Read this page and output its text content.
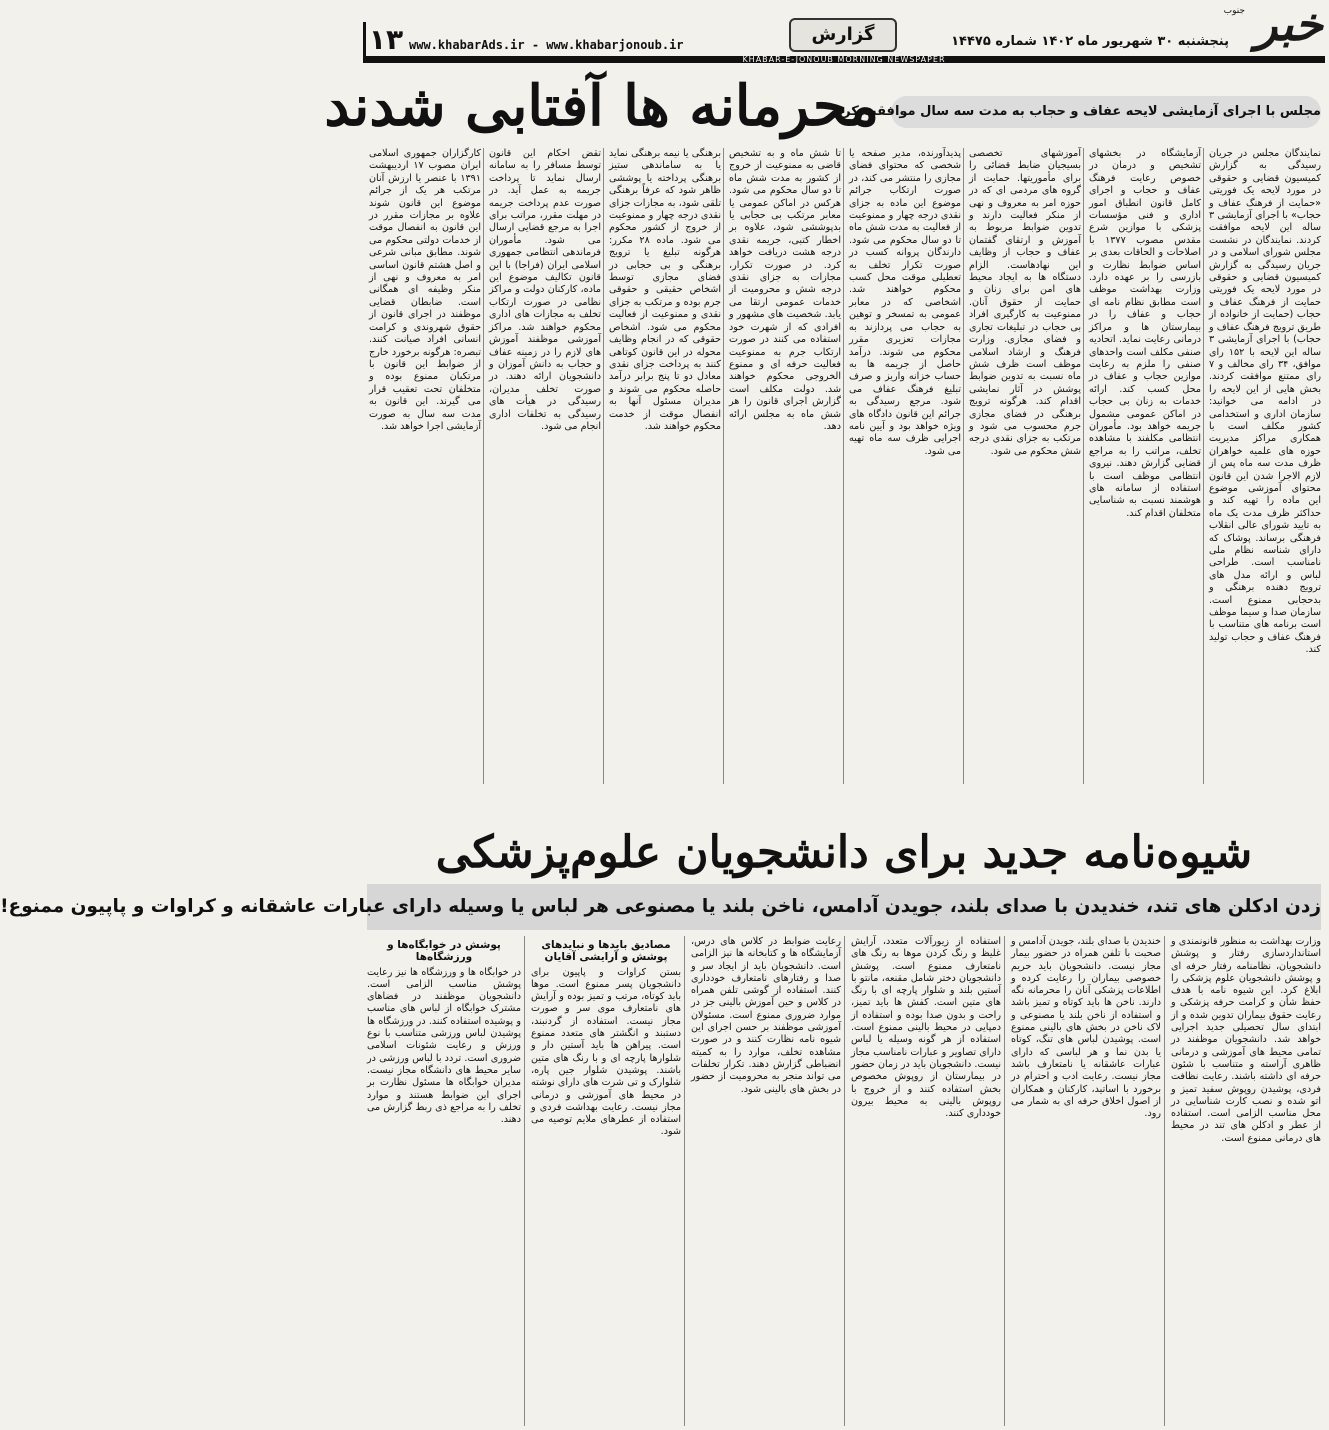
خبر
جنوب
پنجشنبه ۳۰ شهریور ماه ۱۴۰۲ شماره ۱۴۴۷۵
گزارش
۱۳ www.khabarAds.ir - www.khabarjonoub.ir
KHABAR-E-JONOUB MORNING NEWSPAPER
محرمانه ها آفتابی شدند
مجلس با اجرای آزمایشی لایحه عفاف و حجاب به مدت سه سال موافقت کرد
نمایندگان مجلس در جریان رسیدگی به گزارش کمیسیون قضایی و حقوقی در مورد لایحه یک فوریتی «حمایت از فرهنگ عفاف و حجاب» با اجرای آزمایشی ۳ ساله این لایحه موافقت کردند. نمایندگان در نشست مجلس شورای اسلامی و در جریان رسیدگی به گزارش کمیسیون قضایی و حقوقی در مورد لایحه یک فوریتی حمایت از فرهنگ عفاف و حجاب (حمایت از خانواده از طریق ترویج فرهنگ عفاف و حجاب) با اجرای آزمایشی ۳ ساله این لایحه با ۱۵۲ رای موافق، ۳۴ رای مخالف و ۷ رای ممتنع موافقت کردند. بخش هایی از این لایحه را در ادامه می خوانید: سازمان اداری و استخدامی کشور مکلف است با همکاری مراکز مدیریت حوزه های علمیه خواهران ظرف مدت سه ماه پس از لازم الاجرا شدن این قانون محتوای آموزشی موضوع این ماده را تهیه کند و حداکثر ظرف مدت یک ماه به تایید شورای عالی انقلاب فرهنگی برساند. پوشاک که دارای شناسه نظام ملی نامناسب است. طراحی لباس و ارائه مدل های ترویج دهنده برهنگی و بدحجابی ممنوع است. سازمان صدا و سیما موظف است برنامه های متناسب با فرهنگ عفاف و حجاب تولید کند.
آزمایشگاه در بخشهای تشخیص و درمان در خصوص رعایت فرهنگ عفاف و حجاب و اجرای کامل قانون انطباق امور اداری و فنی مؤسسات پزشکی با موازین شرع مقدس مصوب ۱۳۷۷ با اصلاحات و الحاقات بعدی بر اساس ضوابط نظارت و بازرسی را بر عهده دارد. وزارت بهداشت موظف است مطابق نظام نامه ای حجاب و عفاف را در بیمارستان ها و مراکز درمانی رعایت نماید. اتحادیه صنفی مکلف است واحدهای صنفی را ملزم به رعایت موازین حجاب و عفاف در محل کسب کند. ارائه خدمات به زنان بی حجاب در اماکن عمومی مشمول جریمه خواهد بود. مأموران انتظامی مکلفند با مشاهده تخلف، مراتب را به مراجع قضایی گزارش دهند. نیروی انتظامی موظف است با استفاده از سامانه های هوشمند نسبت به شناسایی متخلفان اقدام کند.
آموزشهای تخصصی بسیجیان ضابط قضائی را برای مأموریتها. حمایت از گروه های مردمی ای که در حوزه امر به معروف و نهی از منکر فعالیت دارند و تدوین ضوابط مربوط به آموزش و ارتقای گفتمان عفاف و حجاب از وظایف این نهادهاست. الزام دستگاه ها به ایجاد محیط های امن برای زنان و حمایت از حقوق آنان. ممنوعیت به کارگیری افراد بی حجاب در تبلیغات تجاری و فضای مجازی. وزارت فرهنگ و ارشاد اسلامی موظف است ظرف شش ماه نسبت به تدوین ضوابط پوشش در آثار نمایشی اقدام کند. هرگونه ترویج برهنگی در فضای مجازی جرم محسوب می شود و مرتکب به جزای نقدی درجه شش محکوم می شود.
پدیدآورنده، مدیر صفحه یا شخصی که محتوای فضای مجازی را منتشر می کند، در صورت ارتکاب جرائم موضوع این ماده به جزای نقدی درجه چهار و ممنوعیت از فعالیت به مدت شش ماه تا دو سال محکوم می شود. دارندگان پروانه کسب در صورت تکرار تخلف به تعطیلی موقت محل کسب محکوم خواهند شد. اشخاصی که در معابر عمومی به تمسخر و توهین به حجاب می پردازند به مجازات تعزیری مقرر محکوم می شوند. درآمد حاصل از جریمه ها به حساب خزانه واریز و صرف تبلیغ فرهنگ عفاف می شود. مرجع رسیدگی به جرائم این قانون دادگاه های ویژه خواهد بود و آیین نامه اجرایی ظرف سه ماه تهیه می شود.
تا شش ماه و به تشخیص قاضی به ممنوعیت از خروج از کشور به مدت شش ماه تا دو سال محکوم می شود. هرکس در اماکن عمومی یا معابر مرتکب بی حجابی یا بدپوششی شود، علاوه بر اخطار کتبی، جریمه نقدی درجه هشت دریافت خواهد کرد. در صورت تکرار، مجازات به جزای نقدی درجه شش و محرومیت از خدمات عمومی ارتقا می یابد. شخصیت های مشهور و افرادی که از شهرت خود استفاده می کنند در صورت ارتکاب جرم به ممنوعیت فعالیت حرفه ای و ممنوع الخروجی محکوم خواهند شد. دولت مکلف است گزارش اجرای قانون را هر شش ماه به مجلس ارائه دهد.
برهنگی یا نیمه برهنگی نماید یا به ساماندهی ستیز برهنگی پرداخته یا پوششی ظاهر شود که عرفاً برهنگی تلقی شود، به مجازات جزای نقدی درجه چهار و ممنوعیت از خروج از کشور محکوم می شود. ماده ۲۸ مکرر: هرگونه تبلیغ یا ترویج برهنگی و بی حجابی در فضای مجازی توسط اشخاص حقیقی و حقوقی جرم بوده و مرتکب به جزای نقدی و ممنوعیت از فعالیت محکوم می شود. اشخاص حقوقی که در انجام وظایف محوله در این قانون کوتاهی کنند به پرداخت جزای نقدی معادل دو تا پنج برابر درآمد حاصله محکوم می شوند و مدیران مسئول آنها به انفصال موقت از خدمت محکوم خواهند شد.
تقض احکام این قانون توسط مسافر را به سامانه ارسال نماید تا پرداخت جریمه به عمل آید. در صورت عدم پرداخت جریمه در مهلت مقرر، مراتب برای اجرا به مرجع قضایی ارسال می شود. مأموران فرماندهی انتظامی جمهوری اسلامی ایران (فراجا) با این قانون تکالیف موضوع این ماده، کارکنان دولت و مراکز نظامی در صورت ارتکاب تخلف به مجازات های اداری محکوم خواهند شد. مراکز آموزشی موظفند آموزش های لازم را در زمینه عفاف و حجاب به دانش آموزان و دانشجویان ارائه دهند. در صورت تخلف مدیران، رسیدگی در هیأت های رسیدگی به تخلفات اداری انجام می شود.
کارگزاران جمهوری اسلامی ایران مصوب ۱۷ اردیبهشت ۱۳۹۱ با عنصر یا ارزش آنان مرتکب هر یک از جرائم موضوع این قانون شوند علاوه بر مجازات مقرر در این قانون به انفصال موقت از خدمات دولتی محکوم می شوند. مطابق مبانی شرعی و اصل هشتم قانون اساسی امر به معروف و نهی از منکر وظیفه ای همگانی است. ضابطان قضایی موظفند در اجرای قانون از حقوق شهروندی و کرامت انسانی افراد صیانت کنند. تبصره: هرگونه برخورد خارج از ضوابط این قانون با مرتکبان ممنوع بوده و متخلفان تحت تعقیب قرار می گیرند. این قانون به مدت سه سال به صورت آزمایشی اجرا خواهد شد.
شیوه‌نامه جدید برای دانشجویان علوم‌پزشکی
زدن ادکلن های تند، خندیدن با صدای بلند، جویدن آدامس، ناخن بلند یا مصنوعی هر لباس یا وسیله دارای عبارات عاشقانه و کراوات و پاپیون ممنوع!
وزارت بهداشت به منظور قانونمندی و استانداردسازی رفتار و پوشش دانشجویان، نظامنامه رفتار حرفه ای و پوشش دانشجویان علوم پزشکی را ابلاغ کرد. این شیوه نامه با هدف حفظ شأن و کرامت حرفه پزشکی و رعایت حقوق بیماران تدوین شده و از ابتدای سال تحصیلی جدید اجرایی خواهد شد. دانشجویان موظفند در تمامی محیط های آموزشی و درمانی ظاهری آراسته و متناسب با شئون حرفه ای داشته باشند. رعایت نظافت فردی، پوشیدن روپوش سفید تمیز و اتو شده و نصب کارت شناسایی در محل مناسب الزامی است. استفاده از عطر و ادکلن های تند در محیط های درمانی ممنوع است.
خندیدن با صدای بلند، جویدن آدامس و صحبت با تلفن همراه در حضور بیمار مجاز نیست. دانشجویان باید حریم خصوصی بیماران را رعایت کرده و اطلاعات پزشکی آنان را محرمانه نگه دارند. ناخن ها باید کوتاه و تمیز باشد و استفاده از ناخن بلند یا مصنوعی و لاک ناخن در بخش های بالینی ممنوع است. پوشیدن لباس های تنگ، کوتاه یا بدن نما و هر لباسی که دارای عبارات عاشقانه یا نامتعارف باشد مجاز نیست. رعایت ادب و احترام در برخورد با اساتید، کارکنان و همکاران از اصول اخلاق حرفه ای به شمار می رود.
استفاده از زیورآلات متعدد، آرایش غلیظ و رنگ کردن موها به رنگ های نامتعارف ممنوع است. پوشش دانشجویان دختر شامل مقنعه، مانتو با آستین بلند و شلوار پارچه ای با رنگ های متین است. کفش ها باید تمیز، راحت و بدون صدا بوده و استفاده از دمپایی در محیط بالینی ممنوع است. استفاده از هر گونه وسیله یا لباس دارای تصاویر و عبارات نامناسب مجاز نیست. دانشجویان باید در زمان حضور در بیمارستان از روپوش مخصوص بخش استفاده کنند و از خروج با روپوش بالینی به محیط بیرون خودداری کنند.
رعایت ضوابط در کلاس های درس، آزمایشگاه ها و کتابخانه ها نیز الزامی است. دانشجویان باید از ایجاد سر و صدا و رفتارهای نامتعارف خودداری کنند. استفاده از گوشی تلفن همراه در کلاس و حین آموزش بالینی جز در موارد ضروری ممنوع است. مسئولان آموزشی موظفند بر حسن اجرای این شیوه نامه نظارت کنند و در صورت مشاهده تخلف، موارد را به کمیته انضباطی گزارش دهند. تکرار تخلفات می تواند منجر به محرومیت از حضور در بخش های بالینی شود.
مصادیق بایدها و نبایدهای پوشش و آرایشی آقایان
بستن کراوات و پاپیون برای دانشجویان پسر ممنوع است. موها باید کوتاه، مرتب و تمیز بوده و آرایش های نامتعارف موی سر و صورت مجاز نیست. استفاده از گردنبند، دستبند و انگشتر های متعدد ممنوع است. پیراهن ها باید آستین دار و شلوارها پارچه ای و با رنگ های متین باشند. پوشیدن شلوار جین پاره، شلوارک و تی شرت های دارای نوشته در محیط های آموزشی و درمانی مجاز نیست. رعایت بهداشت فردی و استفاده از عطرهای ملایم توصیه می شود.
پوشش در خوابگاه‌ها و ورزشگاه‌ها
در خوابگاه ها و ورزشگاه ها نیز رعایت پوشش مناسب الزامی است. دانشجویان موظفند در فضاهای مشترک خوابگاه از لباس های مناسب و پوشیده استفاده کنند. در ورزشگاه ها پوشیدن لباس ورزشی متناسب با نوع ورزش و رعایت شئونات اسلامی ضروری است. تردد با لباس ورزشی در سایر محیط های دانشگاه مجاز نیست. مدیران خوابگاه ها مسئول نظارت بر اجرای این ضوابط هستند و موارد تخلف را به مراجع ذی ربط گزارش می دهند.
